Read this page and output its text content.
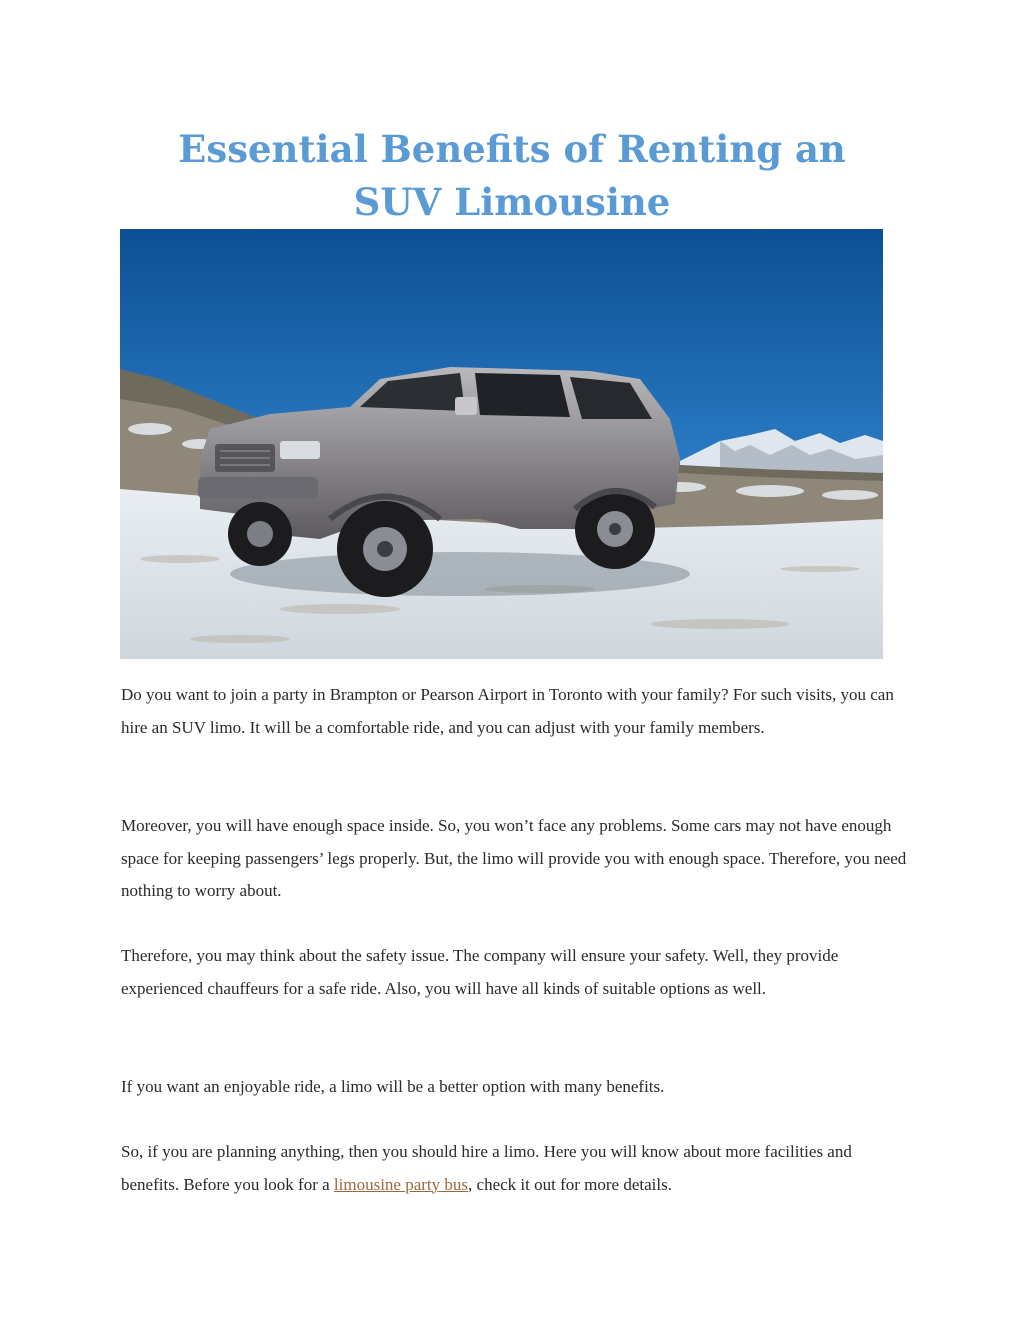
Essential Benefits of Renting an
SUV Limousine

Do you want to join a party in Brampton or Pearson Airport in Toronto with your family? For such visits, you can hire an SUV limo. It will be a comfortable ride, and you can adjust with your family members.

Moreover, you will have enough space inside. So, you won’t face any problems. Some cars may not have enough space for keeping passengers’ legs properly. But, the limo will provide you with enough space. Therefore, you need nothing to worry about.

Therefore, you may think about the safety issue. The company will ensure your safety. Well, they provide experienced chauffeurs for a safe ride. Also, you will have all kinds of suitable options as well.

If you want an enjoyable ride, a limo will be a better option with many benefits.

So, if you are planning anything, then you should hire a limo. Here you will know about more facilities and benefits. Before you look for a limousine party bus, check it out for more details.
